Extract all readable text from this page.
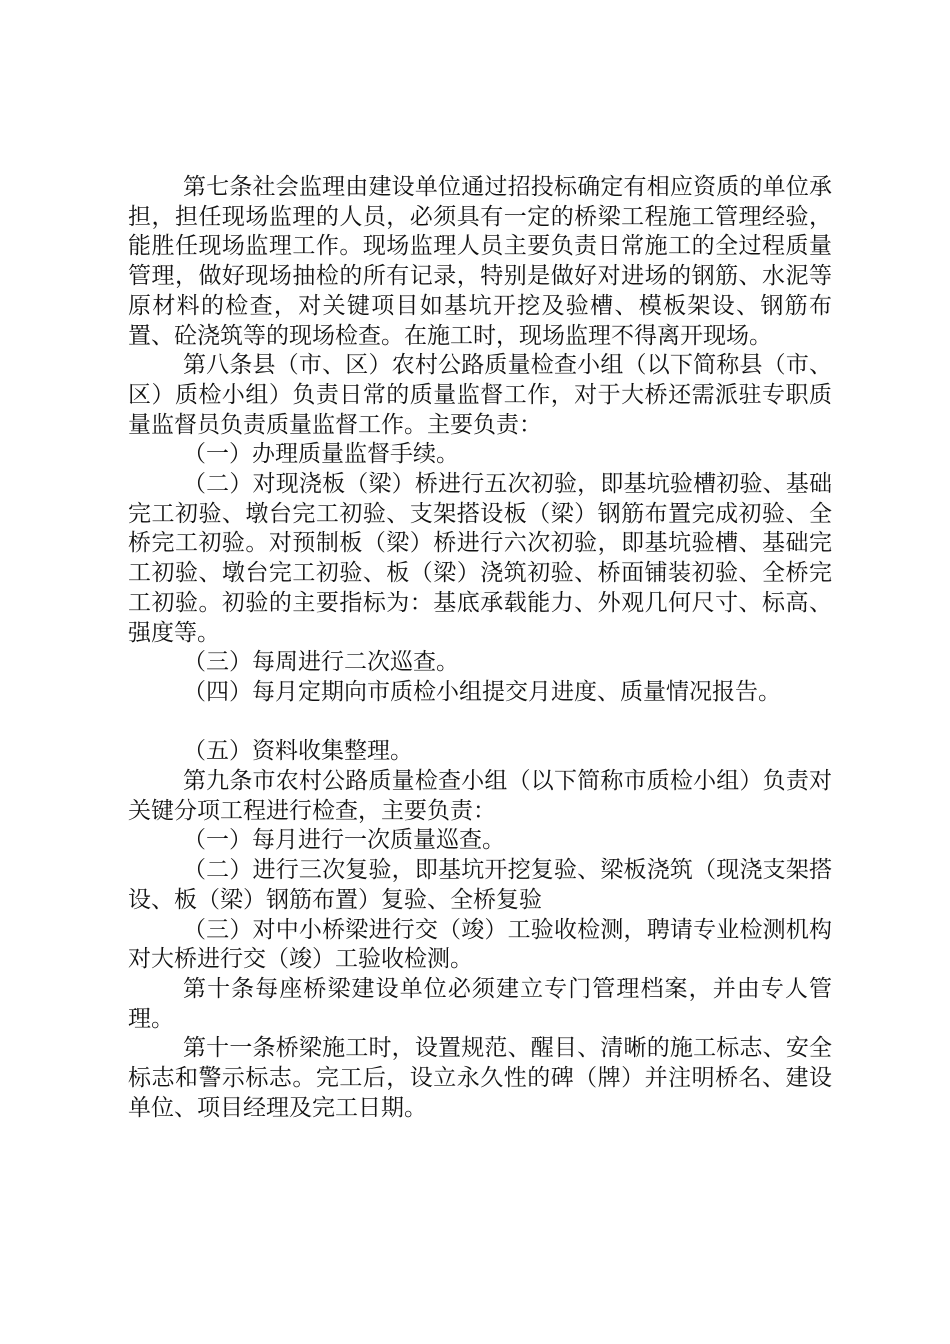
第七条社会监理由建设单位通过招投标确定有相应资质的单位承担，担任现场监理的人员，必须具有一定的桥梁工程施工管理经验，能胜任现场监理工作。现场监理人员主要负责日常施工的全过程质量管理，做好现场抽检的所有记录，特别是做好对进场的钢筋、水泥等原材料的检查，对关键项目如基坑开挖及验槽、模板架设、钢筋布置、砼浇筑等的现场检查。在施工时，现场监理不得离开现场。

第八条县（市、区）农村公路质量检查小组（以下简称县（市、区）质检小组）负责日常的质量监督工作，对于大桥还需派驻专职质量监督员负责质量监督工作。主要负责：

（一）办理质量监督手续。

（二）对现浇板（梁）桥进行五次初验，即基坑验槽初验、基础完工初验、墩台完工初验、支架搭设板（梁）钢筋布置完成初验、全桥完工初验。对预制板（梁）桥进行六次初验，即基坑验槽、基础完工初验、墩台完工初验、板（梁）浇筑初验、桥面铺装初验、全桥完工初验。初验的主要指标为：基底承载能力、外观几何尺寸、标高、强度等。

（三）每周进行二次巡查。

（四）每月定期向市质检小组提交月进度、质量情况报告。

（五）资料收集整理。

第九条市农村公路质量检查小组（以下简称市质检小组）负责对关键分项工程进行检查，主要负责：

（一）每月进行一次质量巡查。

（二）进行三次复验，即基坑开挖复验、梁板浇筑（现浇支架搭设、板（梁）钢筋布置）复验、全桥复验

（三）对中小桥梁进行交（竣）工验收检测，聘请专业检测机构对大桥进行交（竣）工验收检测。

第十条每座桥梁建设单位必须建立专门管理档案，并由专人管理。

第十一条桥梁施工时，设置规范、醒目、清晰的施工标志、安全标志和警示标志。完工后，设立永久性的碑（牌）并注明桥名、建设单位、项目经理及完工日期。
